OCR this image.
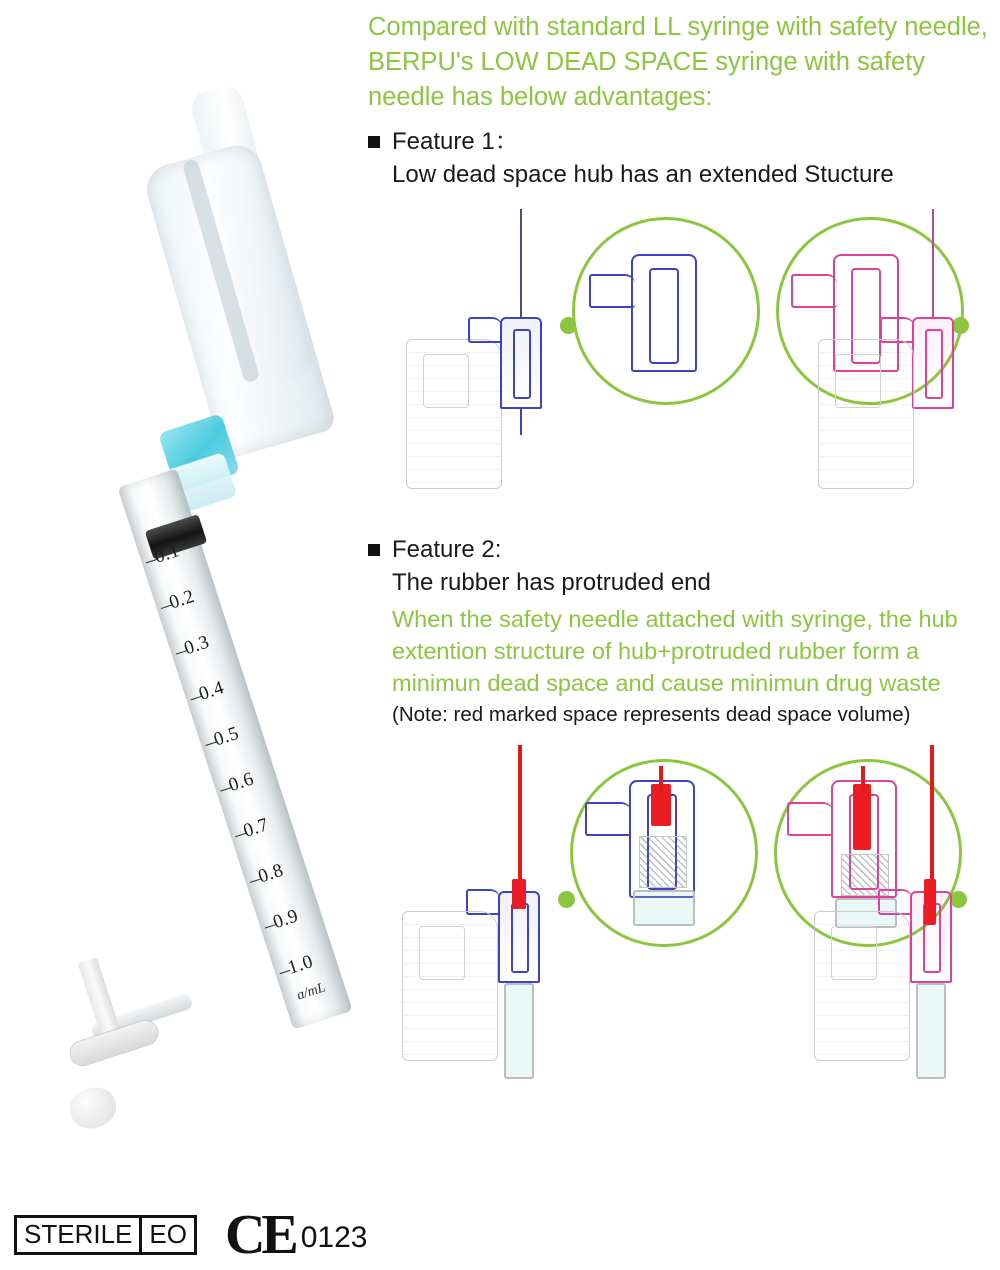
0.1
0.2
0.3
0.4
0.5
0.6
0.7
0.8
0.9
1.0
ɑ/mL
STERILE EO CE 0123

Compared with standard LL syringe with safety needle, BERPU's LOW DEAD SPACE syringe with safety needle has below advantages:

Feature 1：
Low dead space hub has an extended Stucture
Feature 2:
The rubber has protruded end
When the safety needle attached with syringe, the hub extention structure of hub+protruded rubber form a minimun dead space and cause minimun drug waste
(Note: red marked space represents dead space volume)
